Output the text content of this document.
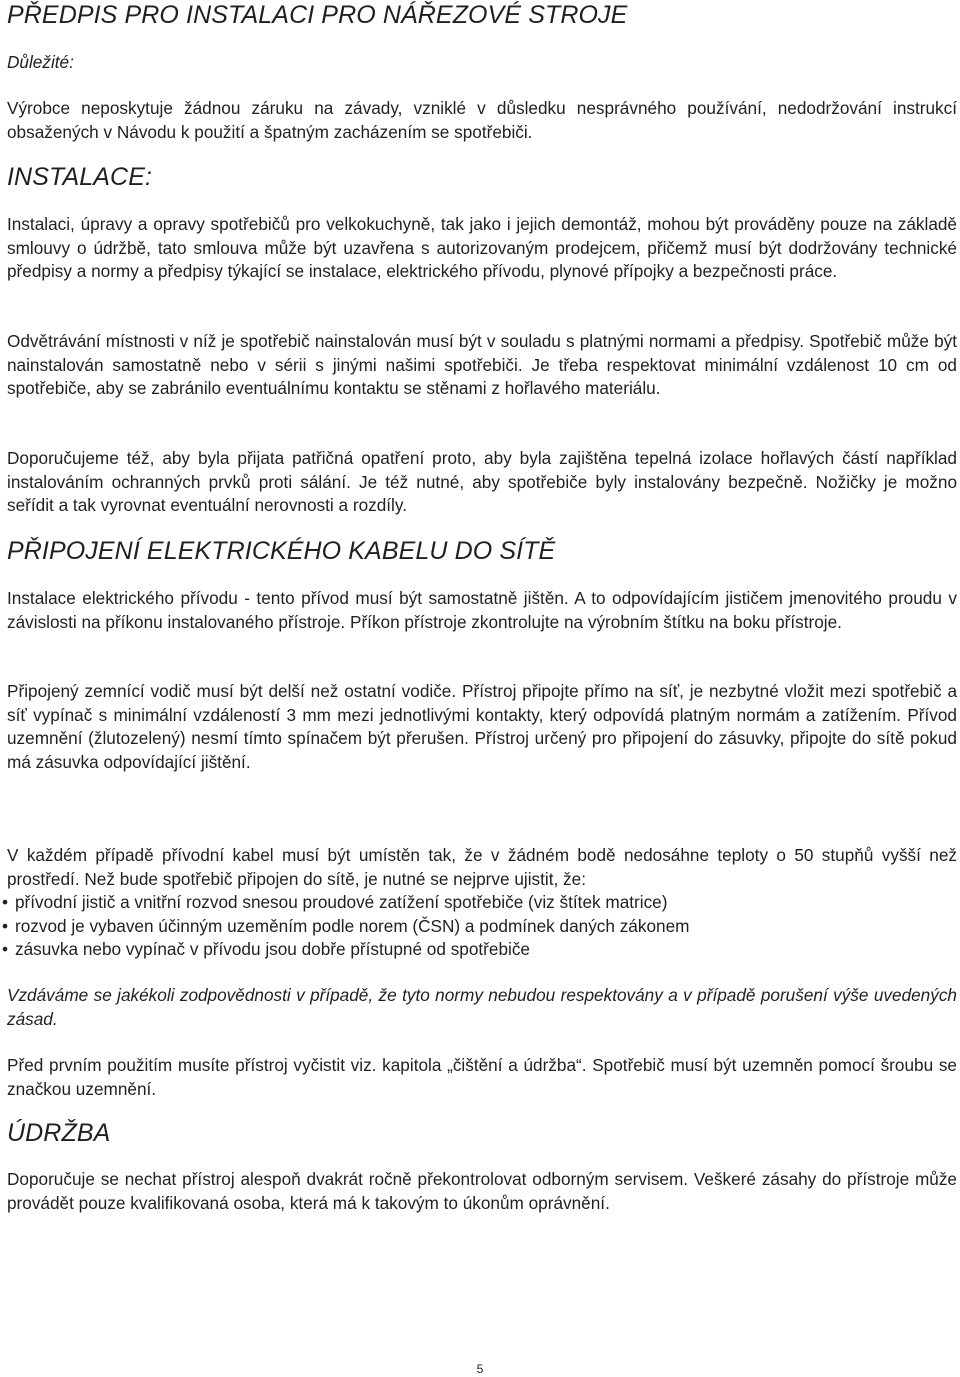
PŘEDPIS PRO INSTALACI PRO NÁŘEZOVÉ STROJE

Důležité:

Výrobce neposkytuje žádnou záruku na závady, vzniklé v důsledku nesprávného používání, nedodržování instrukcí obsažených v Návodu k použití a špatným zacházením se spotřebiči.

INSTALACE:

Instalaci, úpravy a opravy spotřebičů pro velkokuchyně, tak jako i jejich demontáž, mohou být prováděny pouze na základě smlouvy o údržbě, tato smlouva může být uzavřena s autorizovaným prodejcem, přičemž musí být dodržovány technické předpisy a normy a předpisy týkající se instalace, elektrického přívodu, plynové přípojky a bezpečnosti práce.

Odvětrávání místnosti v níž je spotřebič nainstalován musí být v souladu s platnými normami a předpisy. Spotřebič může být nainstalován samostatně nebo v sérii s jinými našimi spotřebiči. Je třeba respektovat minimální vzdálenost 10 cm od spotřebiče, aby se zabránilo eventuálnímu kontaktu se stěnami z hořlavého materiálu.

Doporučujeme též, aby byla přijata patřičná opatření proto, aby byla zajištěna tepelná izolace hořlavých částí například instalováním ochranných prvků proti sálání. Je též nutné, aby spotřebiče byly instalovány bezpečně. Nožičky je možno seřídit a tak vyrovnat eventuální nerovnosti a rozdíly.

PŘIPOJENÍ ELEKTRICKÉHO KABELU DO SÍTĚ

Instalace elektrického přívodu - tento přívod musí být samostatně jištěn. A to odpovídajícím jističem jmenovitého proudu v závislosti na příkonu instalovaného přístroje. Příkon přístroje zkontrolujte na výrobním štítku na boku přístroje.

Připojený zemnící vodič musí být delší než ostatní vodiče. Přístroj připojte přímo na síť, je nezbytné vložit mezi spotřebič a síť vypínač s minimální vzdáleností 3 mm mezi jednotlivými kontakty, který odpovídá platným normám a zatížením. Přívod uzemnění (žlutozelený) nesmí tímto spínačem být přerušen. Přístroj určený pro připojení do zásuvky, připojte do sítě pokud má zásuvka odpovídající jištění.

V každém případě přívodní kabel musí být umístěn tak, že v žádném bodě nedosáhne teploty o 50 stupňů vyšší než prostředí. Než bude spotřebič připojen do sítě, je nutné se nejprve ujistit, že:

• přívodní jistič a vnitřní rozvod snesou proudové zatížení spotřebiče (viz štítek matrice)
• rozvod je vybaven účinným uzeměním podle norem (ČSN) a podmínek daných zákonem
• zásuvka nebo vypínač v přívodu jsou dobře přístupné od spotřebiče

Vzdáváme se jakékoli zodpovědnosti v případě, že tyto normy nebudou respektovány a v případě porušení výše uvedených zásad.

Před prvním použitím musíte přístroj vyčistit viz. kapitola „čištění a údržba“. Spotřebič musí být uzemněn pomocí šroubu se značkou uzemnění.

ÚDRŽBA

Doporučuje se nechat přístroj alespoň dvakrát ročně překontrolovat odborným servisem. Veškeré zásahy do přístroje může provádět pouze kvalifikovaná osoba, která má k takovým to úkonům oprávnění.

5
